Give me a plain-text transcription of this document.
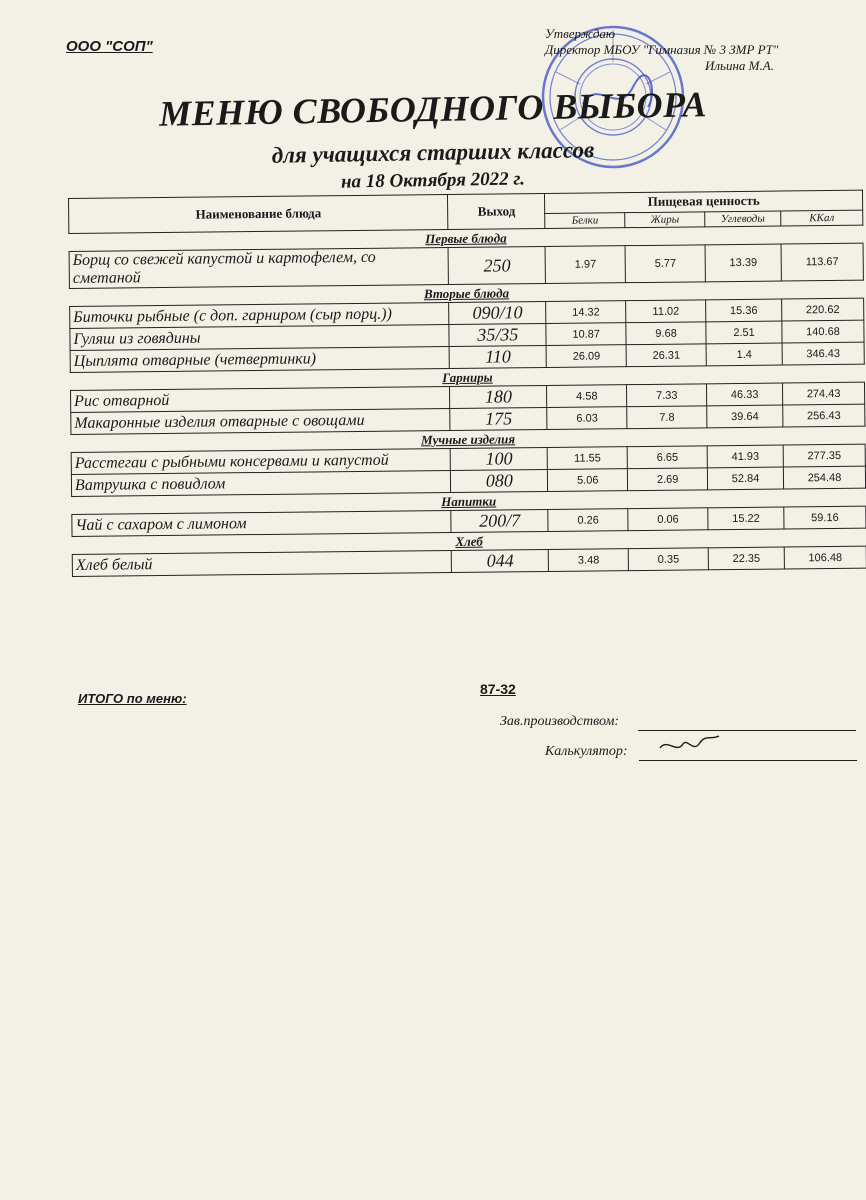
ООО "СОП"
Утверждаю
Директор МБОУ "Гимназия № 3 ЗМР РТ"
Ильина М.А.
МЕНЮ СВОБОДНОГО ВЫБОРА
для учащихся старших классов
на 18 Октября 2022 г.
Наименование блюда	Выход	Пищевая ценность			
		Белки	Жиры	Углеводы	ККал
Первые блюда					
Борщ со свежей капустой и картофелем, со сметаной	250	1.97	5.77	13.39	113.67
Вторые блюда					
Биточки рыбные (с доп. гарниром (сыр порц.))	090/10	14.32	11.02	15.36	220.62
Гуляш из говядины	35/35	10.87	9.68	2.51	140.68
Цыплята отварные (четвертинки)	110	26.09	26.31	1.4	346.43
Гарниры					
Рис отварной	180	4.58	7.33	46.33	274.43
Макаронные изделия отварные с овощами	175	6.03	7.8	39.64	256.43
Мучные изделия					
Расстегаи с рыбными консервами и капустой	100	11.55	6.65	41.93	277.35
Ватрушка с повидлом	080	5.06	2.69	52.84	254.48
Напитки					
Чай с сахаром с лимоном	200/7	0.26	0.06	15.22	59.16
Хлеб					
Хлеб белый	044	3.48	0.35	22.35	106.48
ИТОГО по меню:
87-32
Зав.производством:
Калькулятор:
